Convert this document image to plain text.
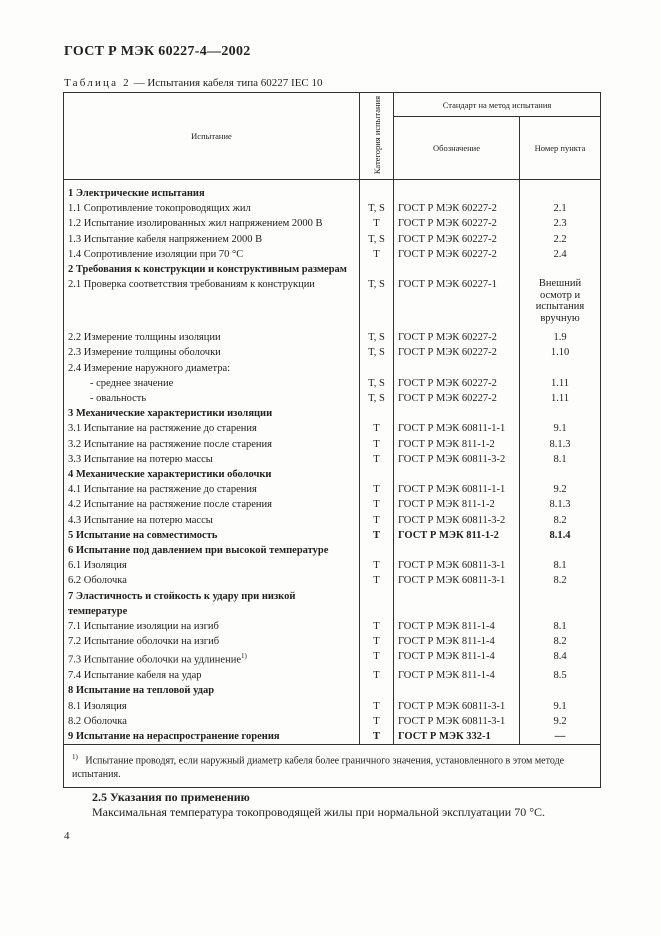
ГОСТ Р МЭК 60227-4—2002
Таблица 2 — Испытания кабеля типа 60227 IEC 10
Испытание	Категория испытания	Стандарт на метод испытания	
		Обозначение	Номер пункта
1 Электрические испытания			
1.1 Сопротивление токопроводящих жил	T, S	ГОСТ Р МЭК 60227-2	2.1
1.2 Испытание изолированных жил напряжением 2000 В	T	ГОСТ Р МЭК 60227-2	2.3
1.3 Испытание кабеля напряжением 2000 В	T, S	ГОСТ Р МЭК 60227-2	2.2
1.4 Сопротивление изоляции при 70 °С	T	ГОСТ Р МЭК 60227-2	2.4
2 Требования к конструкции и конструктивным размерам			
2.1 Проверка соответствия требованиям к конструкции	T, S	ГОСТ Р МЭК 60227-1	Внешний осмотр и испытания вручную
2.2 Измерение толщины изоляции	T, S	ГОСТ Р МЭК 60227-2	1.9
2.3 Измерение толщины оболочки	T, S	ГОСТ Р МЭК 60227-2	1.10
2.4 Измерение наружного диаметра:			
- среднее значение	T, S	ГОСТ Р МЭК 60227-2	1.11
- овальность	T, S	ГОСТ Р МЭК 60227-2	1.11
3 Механические характеристики изоляции			
3.1 Испытание на растяжение до старения	T	ГОСТ Р МЭК 60811-1-1	9.1
3.2 Испытание на растяжение после старения	T	ГОСТ Р МЭК 811-1-2	8.1.3
3.3 Испытание на потерю массы	T	ГОСТ Р МЭК 60811-3-2	8.1
4 Механические характеристики оболочки			
4.1 Испытание на растяжение до старения	T	ГОСТ Р МЭК 60811-1-1	9.2
4.2 Испытание на растяжение после старения	T	ГОСТ Р МЭК 811-1-2	8.1.3
4.3 Испытание на потерю массы	T	ГОСТ Р МЭК 60811-3-2	8.2
5 Испытание на совместимость	T	ГОСТ Р МЭК 811-1-2	8.1.4
6 Испытание под давлением при высокой температуре			
6.1 Изоляция	T	ГОСТ Р МЭК 60811-3-1	8.1
6.2 Оболочка	T	ГОСТ Р МЭК 60811-3-1	8.2
7 Эластичность и стойкость к удару при низкой температуре			
7.1 Испытание изоляции на изгиб	T	ГОСТ Р МЭК 811-1-4	8.1
7.2 Испытание оболочки на изгиб	T	ГОСТ Р МЭК 811-1-4	8.2
7.3 Испытание оболочки на удлинение$^{1)}$	T	ГОСТ Р МЭК 811-1-4	8.4
7.4 Испытание кабеля на удар	T	ГОСТ Р МЭК 811-1-4	8.5
8 Испытание на тепловой удар			
8.1 Изоляция	T	ГОСТ Р МЭК 60811-3-1	9.1
8.2 Оболочка	T	ГОСТ Р МЭК 60811-3-1	9.2
9 Испытание на нераспространение горения	T	ГОСТ Р МЭК 332-1	—
$^{1)}$ Испытание проводят, если наружный диаметр кабеля более граничного значения, установленного в этом методе испытания.			
2.5 Указания по применению
Максимальная температура токопроводящей жилы при нормальной эксплуатации 70 °С.
4
